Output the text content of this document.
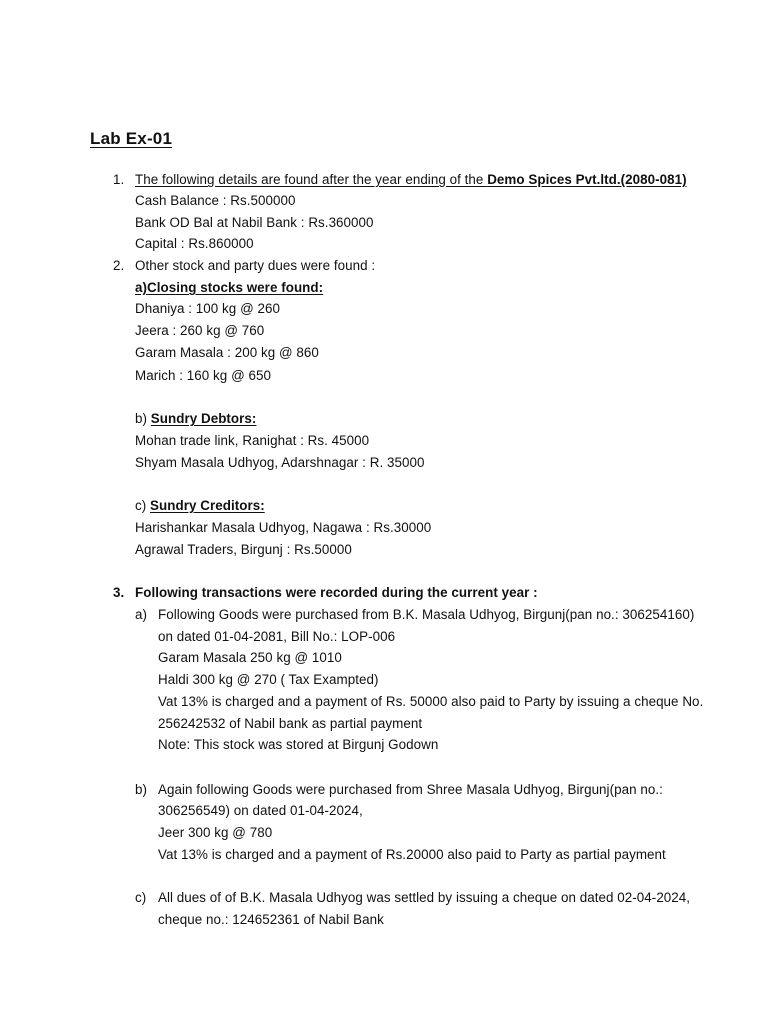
Lab Ex-01
1. The following details are found after the year ending of the Demo Spices Pvt.ltd.(2080-081)
Cash Balance : Rs.500000
Bank OD Bal at Nabil Bank : Rs.360000
Capital : Rs.860000
2. Other stock and party dues were found :
a)Closing stocks were found:
Dhaniya : 100 kg @ 260
Jeera : 260 kg @ 760
Garam Masala : 200 kg @ 860
Marich : 160 kg @ 650
b) Sundry Debtors:
Mohan trade link, Ranighat : Rs. 45000
Shyam Masala Udhyog, Adarshnagar : R. 35000
c) Sundry Creditors:
Harishankar Masala Udhyog, Nagawa : Rs.30000
Agrawal Traders, Birgunj : Rs.50000
3. Following transactions were recorded during the current year :
a) Following Goods were purchased from B.K. Masala Udhyog, Birgunj(pan no.: 306254160)
on dated 01-04-2081, Bill No.: LOP-006
Garam Masala 250 kg @ 1010
Haldi 300 kg @ 270 ( Tax Exampted)
Vat 13% is charged and a payment of Rs. 50000 also paid to Party by issuing a cheque No.
256242532 of Nabil bank as partial payment
Note: This stock was stored at Birgunj Godown
b) Again following Goods were purchased from Shree Masala Udhyog, Birgunj(pan no.:
306256549) on dated 01-04-2024,
Jeer 300 kg @ 780
Vat 13% is charged and a payment of Rs.20000 also paid to Party as partial payment
c) All dues of of B.K. Masala Udhyog was settled by issuing a cheque on dated 02-04-2024,
cheque no.: 124652361 of Nabil Bank
